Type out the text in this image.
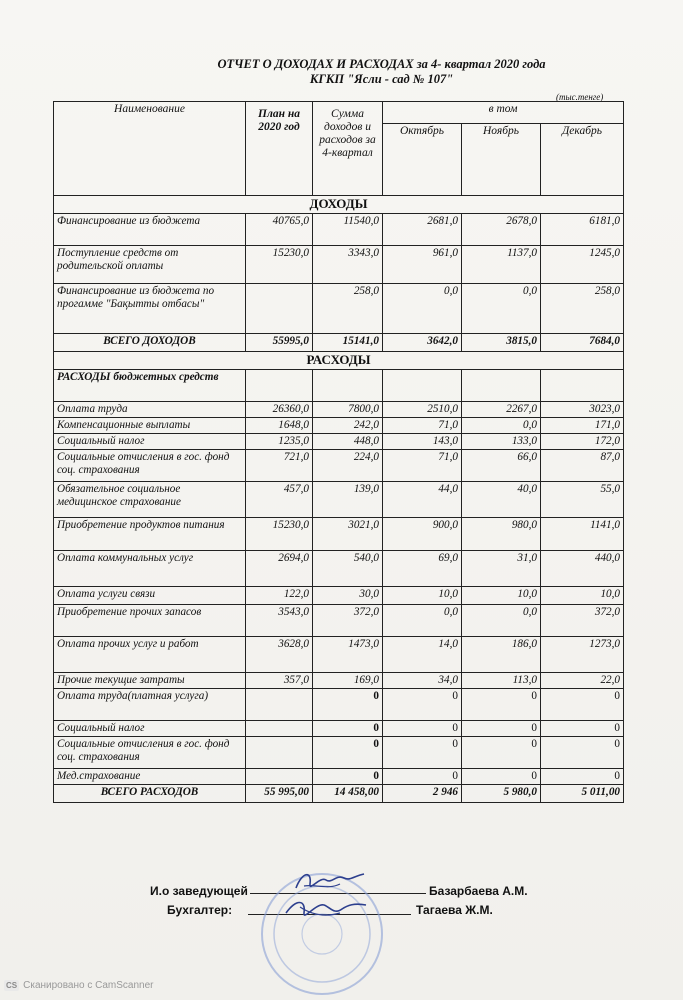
ОТЧЕТ О ДОХОДАХ И РАСХОДАХ за 4- квартал 2020 года
КГКП "Ясли - сад № 107"
(тыс.тенге)
Наименование	План на 2020 год	Сумма доходов и расходов за 4-квартал	в том		
			Октябрь	Ноябрь	Декабрь
ДОХОДЫ					
Финансирование из бюджета	40765,0	11540,0	2681,0	2678,0	6181,0
Поступление средств от родительской оплаты	15230,0	3343,0	961,0	1137,0	1245,0
Финансирование из бюджета по прогамме "Бақытты отбасы"		258,0	0,0	0,0	258,0
ВСЕГО ДОХОДОВ	55995,0	15141,0	3642,0	3815,0	7684,0
РАСХОДЫ					
РАСХОДЫ бюджетных средств					
Оплата труда	26360,0	7800,0	2510,0	2267,0	3023,0
Компенсационные выплаты	1648,0	242,0	71,0	0,0	171,0
Социальный налог	1235,0	448,0	143,0	133,0	172,0
Социальные отчисления в гос. фонд соц. страхования	721,0	224,0	71,0	66,0	87,0
Обязательное социальное медицинское страхование	457,0	139,0	44,0	40,0	55,0
Приобретение продуктов питания	15230,0	3021,0	900,0	980,0	1141,0
Оплата коммунальных услуг	2694,0	540,0	69,0	31,0	440,0
Оплата услуги связи	122,0	30,0	10,0	10,0	10,0
Приобретение прочих запасов	3543,0	372,0	0,0	0,0	372,0
Оплата прочих услуг и работ	3628,0	1473,0	14,0	186,0	1273,0
Прочие текущие затраты	357,0	169,0	34,0	113,0	22,0
Оплата труда(платная услуга)		0	0	0	0
Социальный налог		0	0	0	0
Социальные отчисления в гос. фонд соц. страхования		0	0	0	0
Мед.страхование		0	0	0	0
ВСЕГО РАСХОДОВ	55 995,00	14 458,00	2 946	5 980,0	5 011,00
И.о заведующей	Базарбаева А.М.
Бухгалтер:	Тагаева Ж.М.
CS Сканировано с CamScanner
